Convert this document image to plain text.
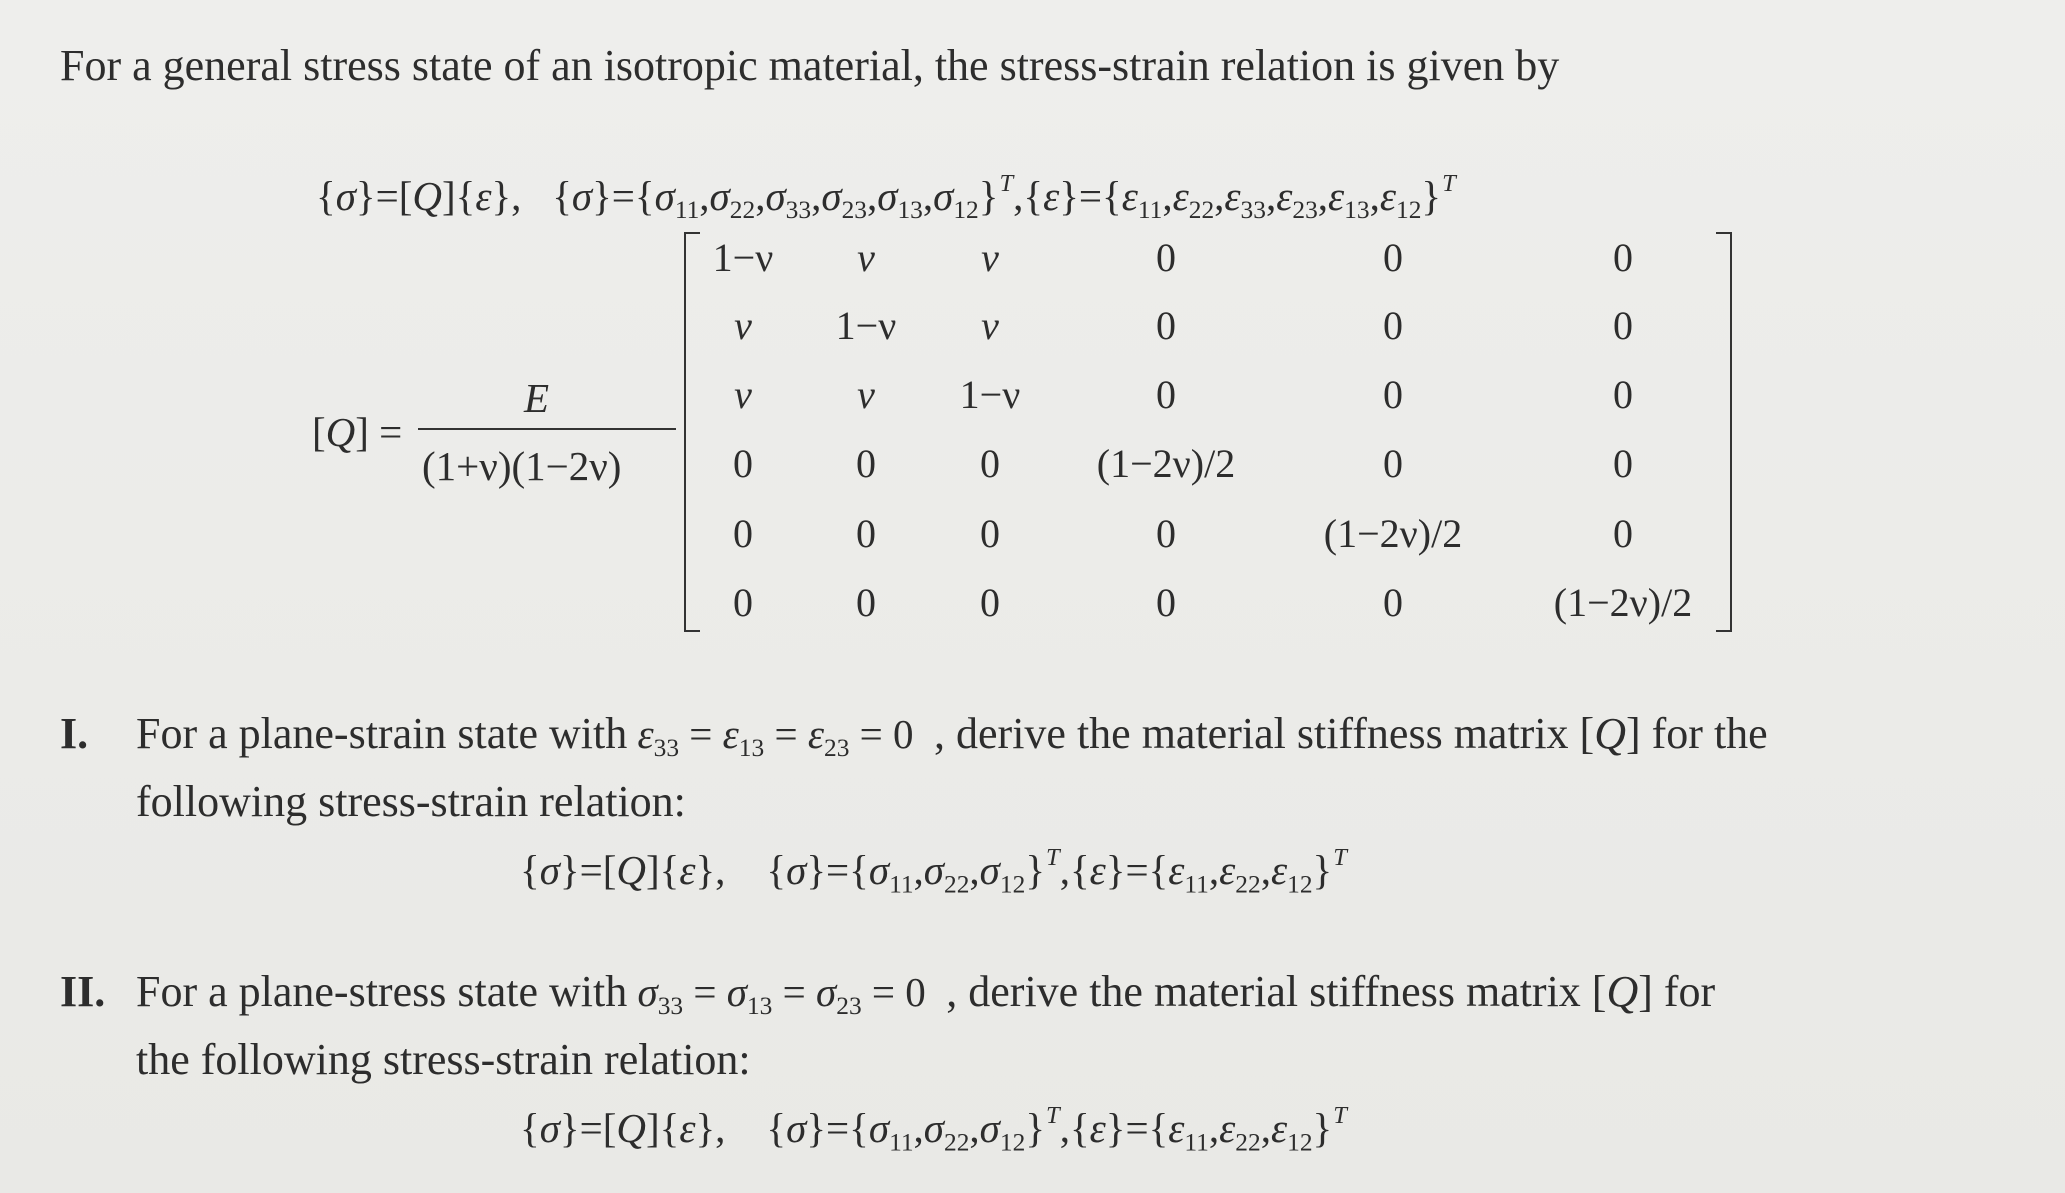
For a general stress state of an isotropic material, the stress-strain relation is given by
{σ}=[Q]{ε}, $\{\sigma\}=\{\sigma_{11},\sigma_{22},\sigma_{33},\sigma_{23},\sigma_{13},\sigma_{12}\}^T,\{\varepsilon\}=\{\varepsilon_{11},\varepsilon_{22},\varepsilon_{33},\varepsilon_{23},\varepsilon_{13},\varepsilon_{12}\}^T$
[Q] =
E
(1+ν)(1−2ν)
1−ν	ν	ν	0	0	0
ν	1−ν	ν	0	0	0
ν	ν	1−ν	0	0	0
0	0	0	(1−2ν)/2	0	0
0	0	0	0	(1−2ν)/2	0
0	0	0	0	0	(1−2ν)/2
I. For a plane-strain state with $\varepsilon_{33} = \varepsilon_{13} = \varepsilon_{23} = 0$  , derive the material stiffness matrix [Q] for the
following stress-strain relation:
{σ}=[Q]{ε},    $\{\sigma\}=\{\sigma_{11},\sigma_{22},\sigma_{12}\}^T,\{\varepsilon\}=\{\varepsilon_{11},\varepsilon_{22},\varepsilon_{12}\}^T$
II. For a plane-stress state with $\sigma_{33} = \sigma_{13} = \sigma_{23} = 0$  , derive the material stiffness matrix [Q] for
the following stress-strain relation:
{σ}=[Q]{ε},    $\{\sigma\}=\{\sigma_{11},\sigma_{22},\sigma_{12}\}^T,\{\varepsilon\}=\{\varepsilon_{11},\varepsilon_{22},\varepsilon_{12}\}^T$
